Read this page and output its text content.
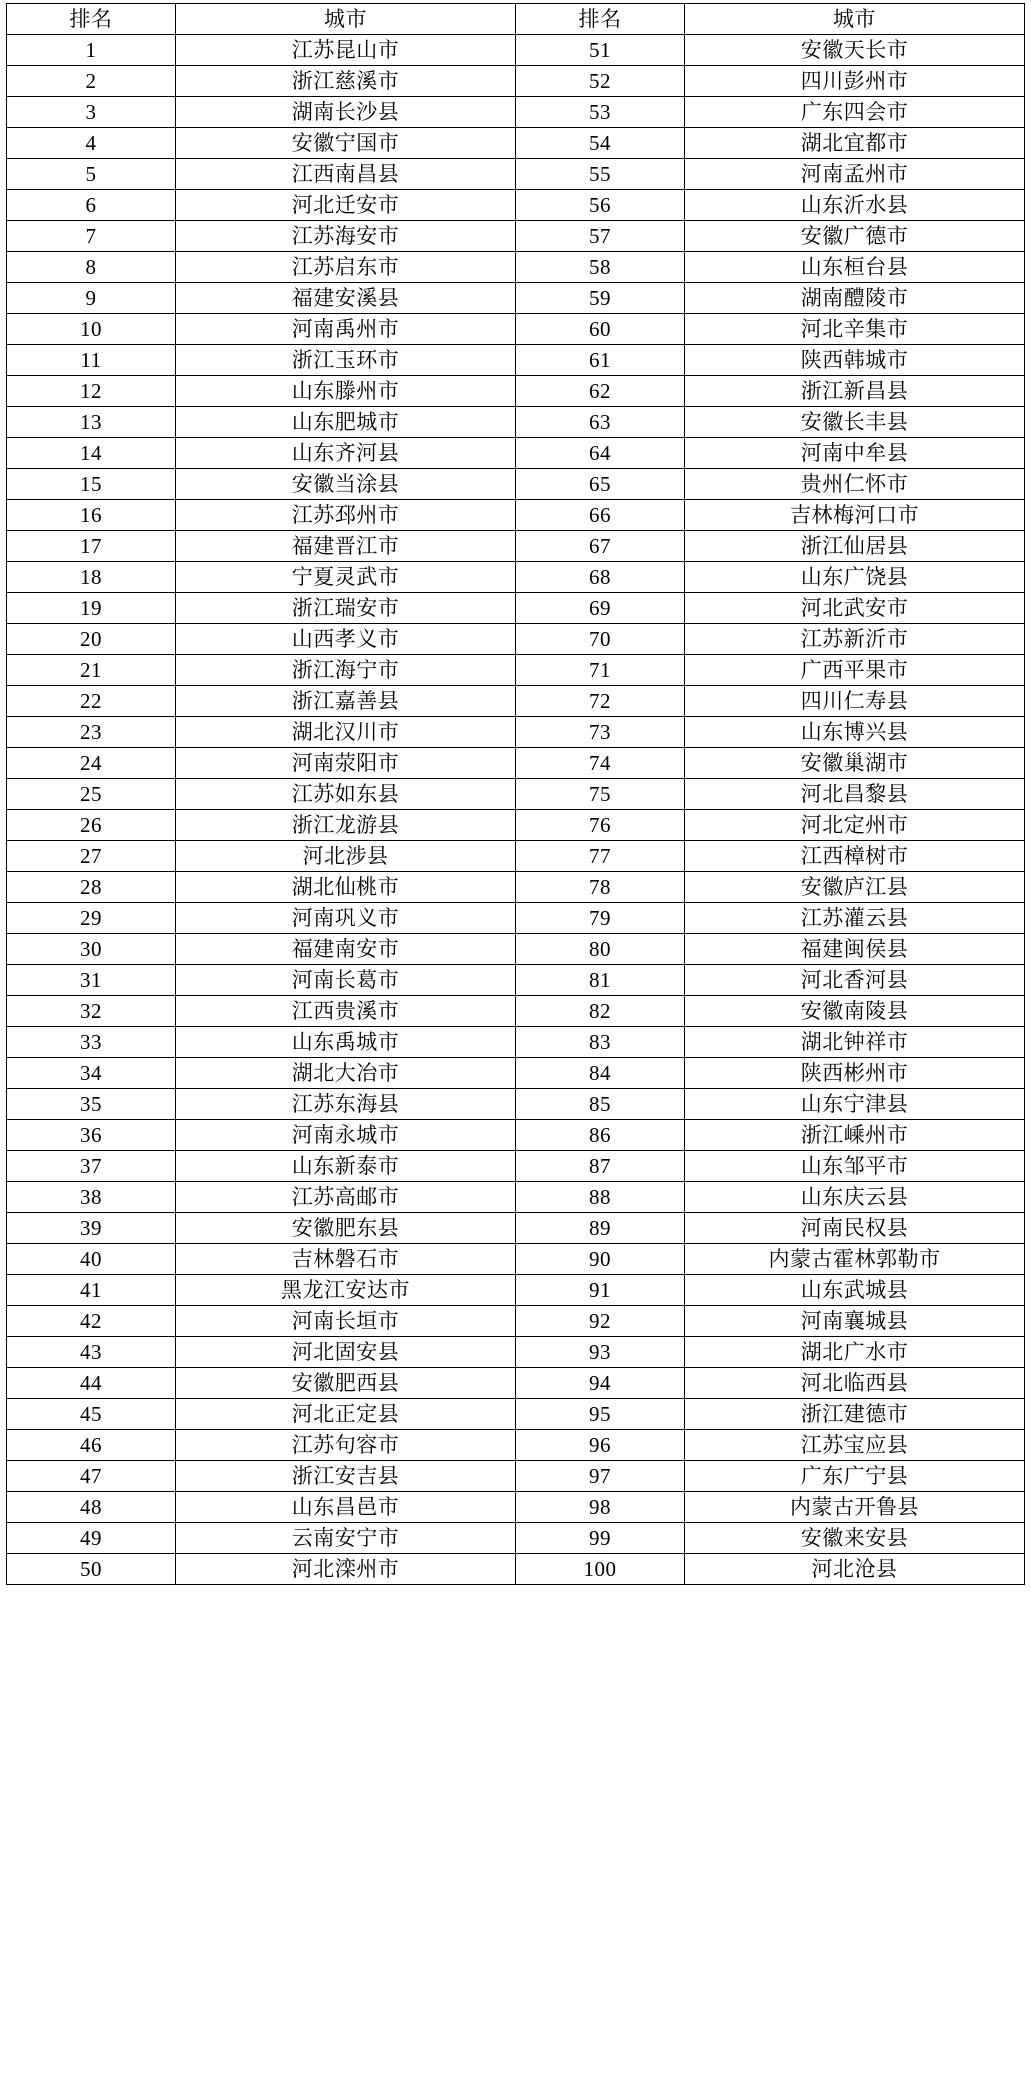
排名	城市	排名	城市
1	江苏昆山市	51	安徽天长市
2	浙江慈溪市	52	四川彭州市
3	湖南长沙县	53	广东四会市
4	安徽宁国市	54	湖北宜都市
5	江西南昌县	55	河南孟州市
6	河北迁安市	56	山东沂水县
7	江苏海安市	57	安徽广德市
8	江苏启东市	58	山东桓台县
9	福建安溪县	59	湖南醴陵市
10	河南禹州市	60	河北辛集市
11	浙江玉环市	61	陕西韩城市
12	山东滕州市	62	浙江新昌县
13	山东肥城市	63	安徽长丰县
14	山东齐河县	64	河南中牟县
15	安徽当涂县	65	贵州仁怀市
16	江苏邳州市	66	吉林梅河口市
17	福建晋江市	67	浙江仙居县
18	宁夏灵武市	68	山东广饶县
19	浙江瑞安市	69	河北武安市
20	山西孝义市	70	江苏新沂市
21	浙江海宁市	71	广西平果市
22	浙江嘉善县	72	四川仁寿县
23	湖北汉川市	73	山东博兴县
24	河南荥阳市	74	安徽巢湖市
25	江苏如东县	75	河北昌黎县
26	浙江龙游县	76	河北定州市
27	河北涉县	77	江西樟树市
28	湖北仙桃市	78	安徽庐江县
29	河南巩义市	79	江苏灌云县
30	福建南安市	80	福建闽侯县
31	河南长葛市	81	河北香河县
32	江西贵溪市	82	安徽南陵县
33	山东禹城市	83	湖北钟祥市
34	湖北大冶市	84	陕西彬州市
35	江苏东海县	85	山东宁津县
36	河南永城市	86	浙江嵊州市
37	山东新泰市	87	山东邹平市
38	江苏高邮市	88	山东庆云县
39	安徽肥东县	89	河南民权县
40	吉林磐石市	90	内蒙古霍林郭勒市
41	黑龙江安达市	91	山东武城县
42	河南长垣市	92	河南襄城县
43	河北固安县	93	湖北广水市
44	安徽肥西县	94	河北临西县
45	河北正定县	95	浙江建德市
46	江苏句容市	96	江苏宝应县
47	浙江安吉县	97	广东广宁县
48	山东昌邑市	98	内蒙古开鲁县
49	云南安宁市	99	安徽来安县
50	河北滦州市	100	河北沧县
